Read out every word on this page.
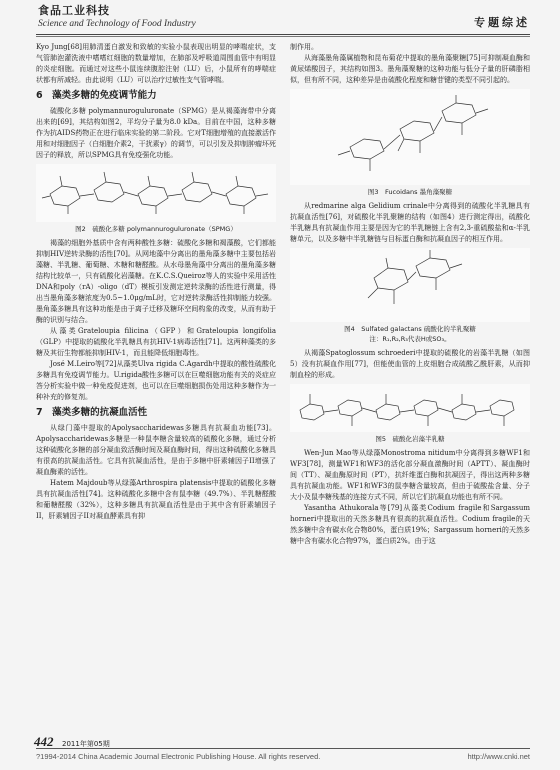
食品工业科技
Science and Technology of Food Industry	专题综述

Kyo Jung[68]用肺清蛋白激发和致敏的实验小鼠表现出明显的哮喘症状，支气管肺泡灌洗液中嗜嗜红细胞的数量增加，在肺部及呼吸道周围血管中有明显的炎症细胞。而通过对这些小鼠连续腹腔注射（LU）后，小鼠所有的哮喘症状都有所减轻。由此说明（LU）可以治疗过敏性支气管哮喘。

6　藻类多糖的免疫调节能力

硫酸化多糖 polymannuroguluronate（SPMG）是从褐藻海带中分离出来的[69]，其结构如图2，平均分子量为8.0 kDa。目前在中国，这种多糖作为抗AIDS药物正在进行临床实验的第二阶段。它对T细胞增殖的直接激活作用和对细胞因子（白细胞介素2，干扰素γ）的调节，可以引发及抑制肿瘤坏死因子的释放，所以SPMG具有免疫强化功能。

图2　硫酸化多糖 polymannuroguluronate（SPMG）

褐藻的细胞外基质中含有两种酸性多糖：硫酸化多糖和褐藻酸，它们都能抑制HIV逆转录酶的活性[70]。从网地藻中分离出的墨角藻多糖中主要包括岩藻糖、半乳糖、葡萄糖、木糖和糖醛酸。从水母墨角藻中分离出的墨角藻多糖结构比较单一，只有硫酸化岩藻糖。在K.C.S.Queiroz等人的实验中采用活性DNA和poly（rA）-oligo（dT）模板引发测定逆转录酶的活性进行测量，得出当墨角藻多糖浓度为0.5~1.0μg/mL时，它对逆转录酶活性抑制能力较强。墨角藻多糖具有这种功能是由于离子迁移及糖环空间构象的改变，从而有助于酶的识别与结合。

从藻类Grateloupia filicina（GFP）和Grateloupia longifolia（GLP）中提取的硫酸化半乳糖具有抗HIV-1病毒活性[71]。这两种藻类的多糖及其衍生物都能抑制HIV-1，而且能降低细胞毒性。

José M.Leiro等[72]从藻类Ulva rigida C.Agardh中提取的酸性硫酸化多糖具有免疫调节能力。U.rigida酸性多糖可以在巨噬细胞功能有关的炎症应答分析实验中做一种免疫促进剂，也可以在巨噬细胞损伤处用这种多糖作为一种补充的修复剂。

7　藻类多糖的抗凝血活性

从绿门藻中提取的Apolysaccharidewas多糖具有抗凝血功能[73]。Apolysaccharidewas多糖是一种鼠李糖含量较高的硫酸化多糖，通过分析这种硫酸化多糖的部分凝血致活酶时间及凝血酶时间，得出这种硫酸化多糖具有很高的抗凝血活性。它具有抗凝血活性，是由于多糖中肝素辅因子II增强了凝血酶素的活性。

Hatem Majdoub等从绿藻Arthrospira platensis中提取的硫酸化多糖具有抗凝血活性[74]。这种硫酸化多糖中含有鼠李糖（49.7%）、半乳糖醛酸和葡糖醛酸（32%），这种多糖具有抗凝血活性是由于其中含有肝素辅因子II，肝素辅因子II对凝血酵素具有抑

制作用。

从海藻墨角藻属植物和昆布菊花中提取的墨角藻聚糖[75]可抑制凝血酶和黄尿烯酸因子，其结构如图3。墨角藻聚糖的这种功能与低分子量的肝磷脂相似，但有所不同，这种差异是由硫酸化程度和糖苷键的类型不同引起的。

图3　Fucoidans 墨角藻聚糖

从redmarine alga Gelidium crinale中分离得到的硫酸化半乳糖具有抗凝血活性[76]，对硫酸化半乳聚糖的结构（如图4）进行测定得出，硫酸化半乳糖具有抗凝血作用主要是因为它的半乳糖链上含有2,3-重硫酸盐和α-半乳糖单元，以及多糖中半乳糖链与目标蛋白酶和抗凝血因子的相互作用。

图4　Sulfated galactans 硫酸化的半乳聚糖
注：R₁,R₂,R₃代表H或SO₃。

从褐藻Spatoglossum schroederi中提取的硫酸化的岩藻半乳糖（如图5）没有抗凝血作用[77]，但能使血管的上皮细胞合成硫酸乙酰肝素，从而抑制血栓的形成。

图5　硫酸化岩藻半乳糖

Wen-Jun Mao等从绿藻Monostroma nitidum中分离得到多糖WF1和WF3[78]，测量WF1和WF3的活化部分凝血激酶时间（APTT）、凝血酶时间（TT）、凝血酶原时间（PT），抗纤维蛋白酶和抗凝因子，得出这两种多糖具有抗凝血功能。WF1和WF3的鼠李糖含量较高，但由于硫酸盐含量、分子大小及鼠李糖残基的连接方式不同，所以它们抗凝血功能也有所不同。

Yasantha Athukorala等[79]从藻类Codium fragile和Sargassum horneri中提取出的天然多糖具有很高的抗凝血活性。Codium fragile的天然多糖中含有碳水化合物80%，蛋白质19%；Sargassum horneri的天然多糖中含有碳水化合物97%，蛋白质2%。由于这

442 2011年第05期
?1994-2014 China Academic Journal Electronic Publishing House. All rights reserved.	http://www.cnki.net
